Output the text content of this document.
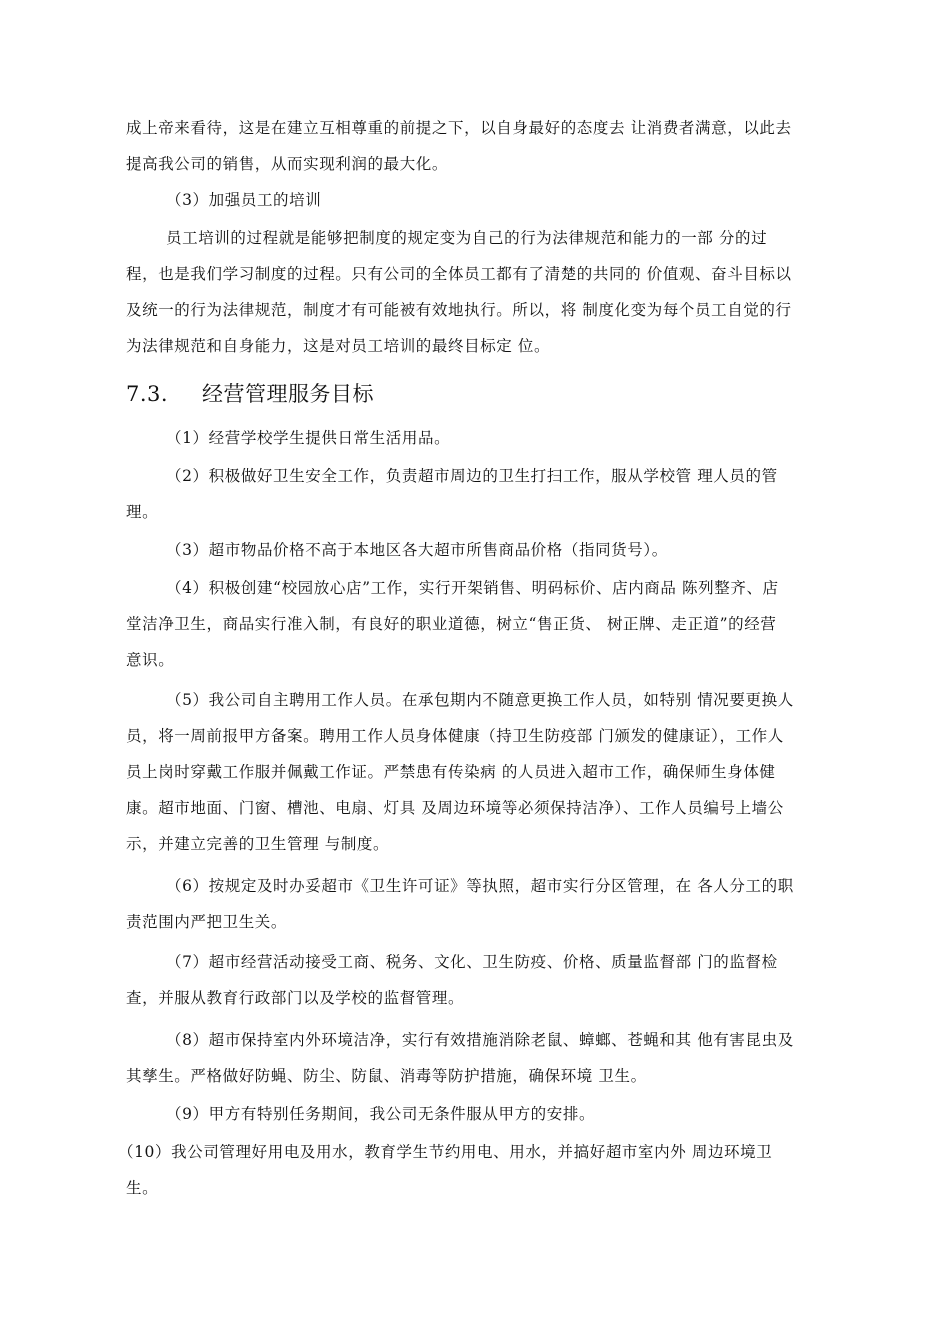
成上帝来看待，这是在建立互相尊重的前提之下，以自身最好的态度去 让消费者满意，以此去
提高我公司的销售，从而实现利润的最大化。
（3）加强员工的培训
员工培训的过程就是能够把制度的规定变为自己的行为法律规范和能力的一部 分的过
程，也是我们学习制度的过程。只有公司的全体员工都有了清楚的共同的 价值观、奋斗目标以
及统一的行为法律规范，制度才有可能被有效地执行。所以，将 制度化变为每个员工自觉的行
为法律规范和自身能力，这是对员工培训的最终目标定 位。
7.3. 经营管理服务目标
（1）经营学校学生提供日常生活用品。
（2）积极做好卫生安全工作，负责超市周边的卫生打扫工作，服从学校管 理人员的管
理。
（3）超市物品价格不高于本地区各大超市所售商品价格（指同货号）。
（4）积极创建“校园放心店”工作，实行开架销售、明码标价、店内商品 陈列整齐、店
堂洁净卫生，商品实行准入制，有良好的职业道德，树立“售正货、 树正牌、走正道”的经营
意识。
（5）我公司自主聘用工作人员。在承包期内不随意更换工作人员，如特别 情况要更换人
员，将一周前报甲方备案。聘用工作人员身体健康（持卫生防疫部 门颁发的健康证），工作人
员上岗时穿戴工作服并佩戴工作证。严禁患有传染病 的人员进入超市工作，确保师生身体健
康。超市地面、门窗、槽池、电扇、灯具 及周边环境等必须保持洁净）、工作人员编号上墙公
示，并建立完善的卫生管理 与制度。
（6）按规定及时办妥超市《卫生许可证》等执照，超市实行分区管理，在 各人分工的职
责范围内严把卫生关。
（7）超市经营活动接受工商、税务、文化、卫生防疫、价格、质量监督部 门的监督检
查，并服从教育行政部门以及学校的监督管理。
（8）超市保持室内外环境洁净，实行有效措施消除老鼠、蟑螂、苍蝇和其 他有害昆虫及
其孳生。严格做好防蝇、防尘、防鼠、消毒等防护措施，确保环境 卫生。
（9）甲方有特别任务期间，我公司无条件服从甲方的安排。
（10）我公司管理好用电及用水，教育学生节约用电、用水，并搞好超市室内外 周边环境卫
生。
